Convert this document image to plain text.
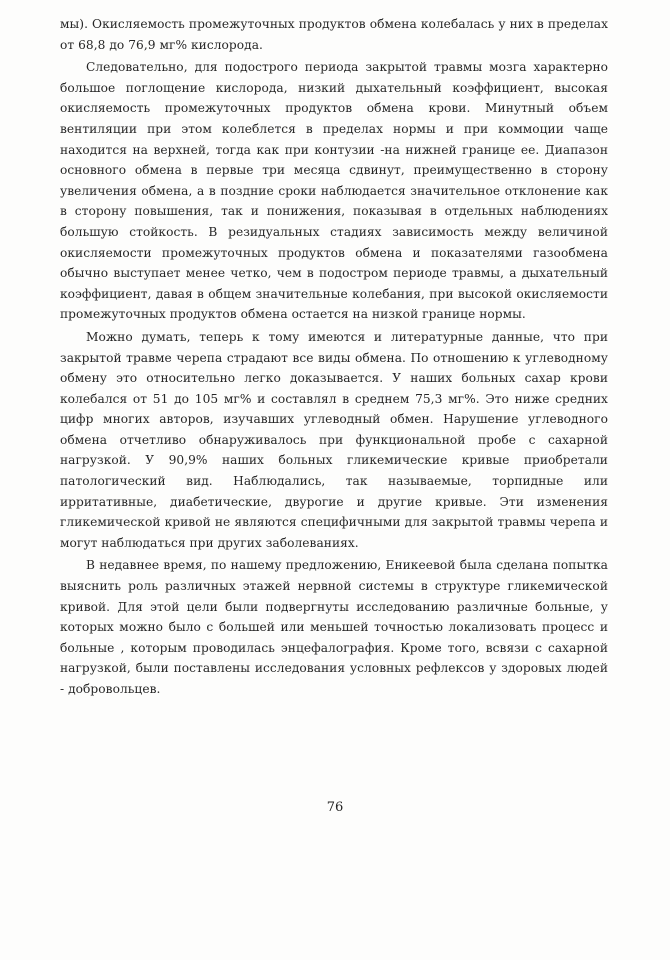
мы). Окисляемость промежуточных продуктов обмена колебалась у них в пределах от 68,8 до 76,9 мг% кислорода.

Следовательно, для подострого периода закрытой травмы мозга характерно большое поглощение кислорода, низкий дыхательный коэффициент, высокая окисляемость промежуточных продуктов обмена крови. Минутный объем вентиляции при этом колеблется в пределах нормы и при коммоции чаще находится на верхней, тогда как при контузии -на нижней границе ее. Диапазон основного обмена в первые три месяца сдвинут, преимущественно в сторону увеличения обмена, а в поздние сроки наблюдается значительное отклонение как в сторону повышения, так и понижения, показывая в отдельных наблюдениях большую стойкость. В резидуальных стадиях зависимость между величиной окисляемости промежуточных продуктов обмена и показателями газообмена обычно выступает менее четко, чем в подостром периоде травмы, а дыхательный коэффициент, давая в общем значительные колебания, при высокой окисляемости промежуточных продуктов обмена остается на низкой границе нормы.

Можно думать, теперь к тому имеются и литературные данные, что при закрытой травме черепа страдают все виды обмена. По отношению к углеводному обмену это относительно легко доказывается. У наших больных сахар крови колебался от 51 до 105 мг% и составлял в среднем 75,3 мг%. Это ниже средних цифр многих авторов, изучавших углеводный обмен. Нарушение углеводного обмена отчетливо обнаруживалось при функциональной пробе с сахарной нагрузкой. У 90,9% наших больных гликемические кривые приобретали патологический вид. Наблюдались, так называемые, торпидные или ирритативные, диабетические, двурогие и другие кривые. Эти изменения гликемической кривой не являются специфичными для закрытой травмы черепа и могут наблюдаться при других заболеваниях.

В недавнее время, по нашему предложению, Еникеевой была сделана попытка выяснить роль различных этажей нервной системы в структуре гликемической кривой. Для этой цели были подвергнуты исследованию различные больные, у которых можно было с большей или меньшей точностью локализовать процесс и больные , которым проводилась энцефалография. Кроме того, всвязи с сахарной нагрузкой, были поставлены исследования условных рефлексов у здоровых людей - добровольцев.

76
